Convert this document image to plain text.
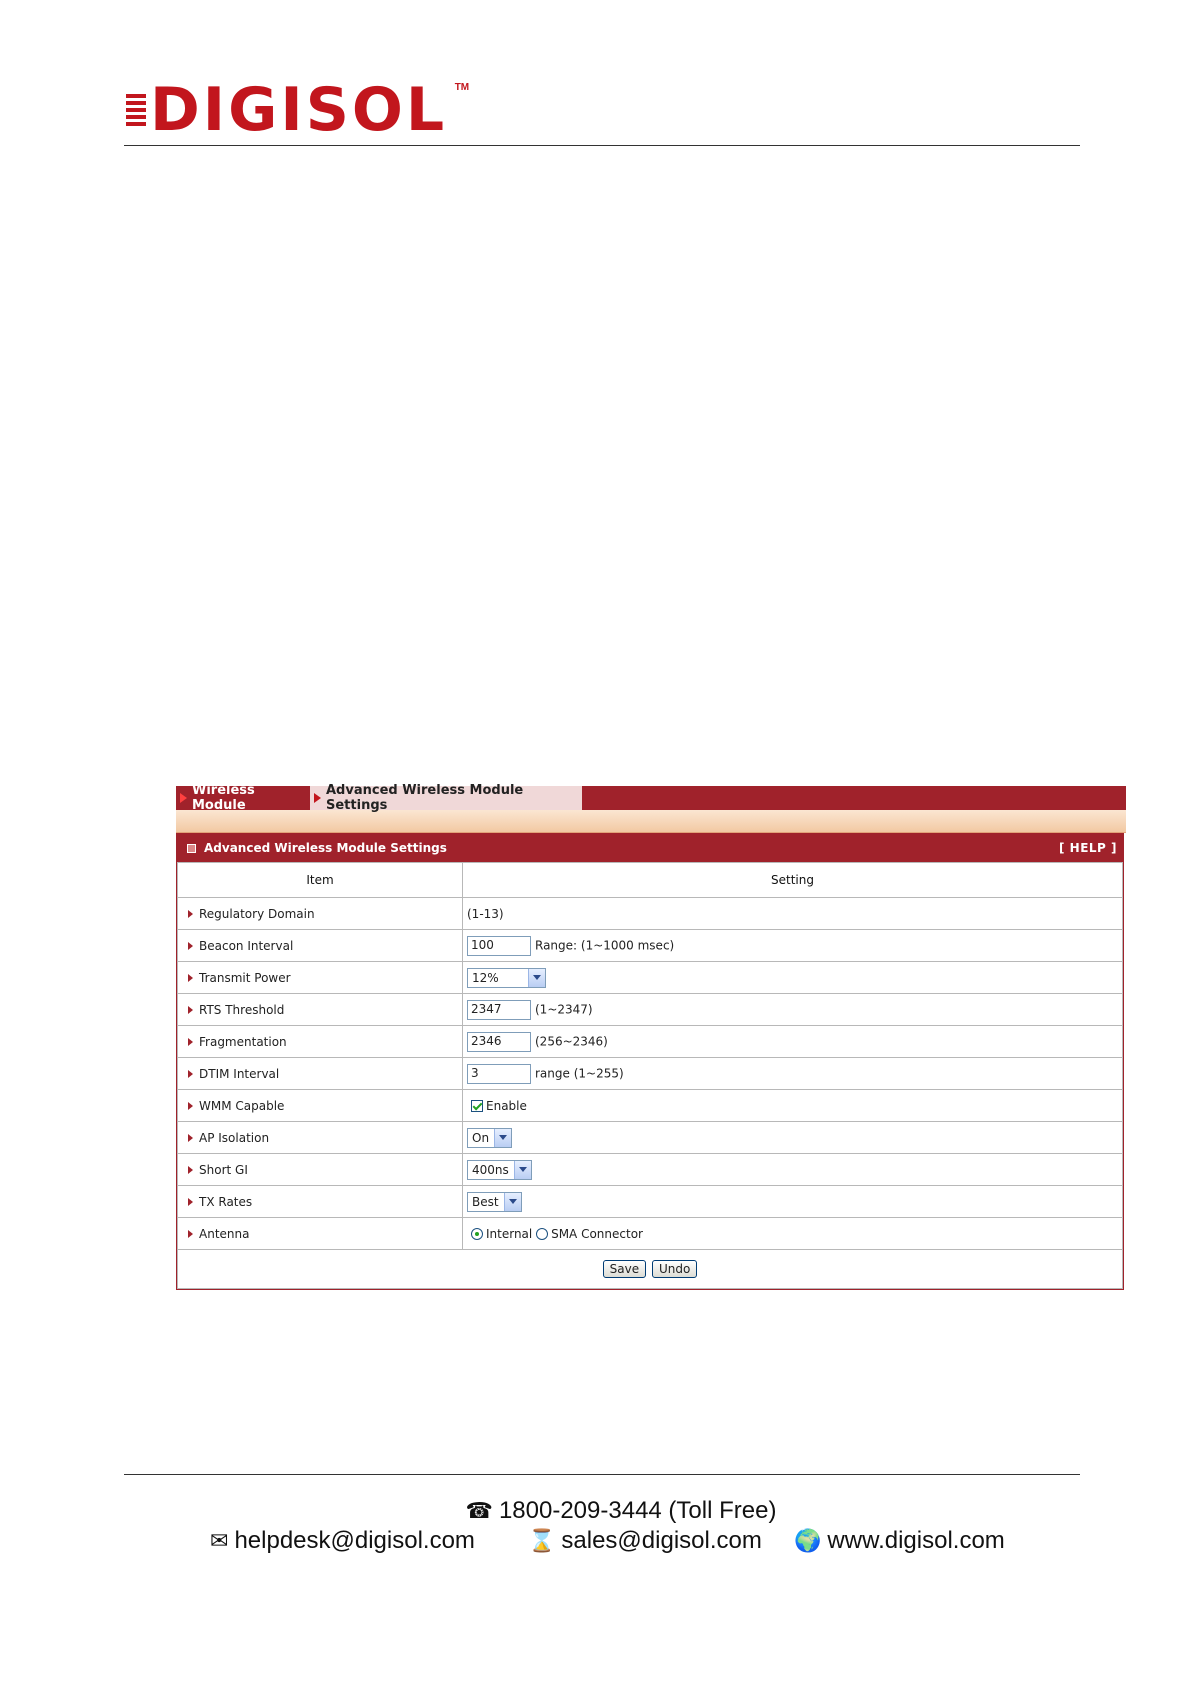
DIGISOL TM
Wireless Module
Advanced Wireless Module Settings
Advanced Wireless Module Settings	[ HELP ]
Item	Setting
Regulatory Domain	(1-13)
Beacon Interval	100 Range: (1~1000 msec)
Transmit Power	12%

RTS Threshold	2347 (1~2347)
Fragmentation	2346 (256~2346)
DTIM Interval	3 range (1~255)
WMM Capable	Enable
AP Isolation	On

Short GI	400ns

TX Rates	Best

Antenna	Internal SMA Connector
Save Undo	
☎ 1800-209-3444 (Toll Free)
✉ helpdesk@digisol.com ⌛ sales@digisol.com 🌍 www.digisol.com
